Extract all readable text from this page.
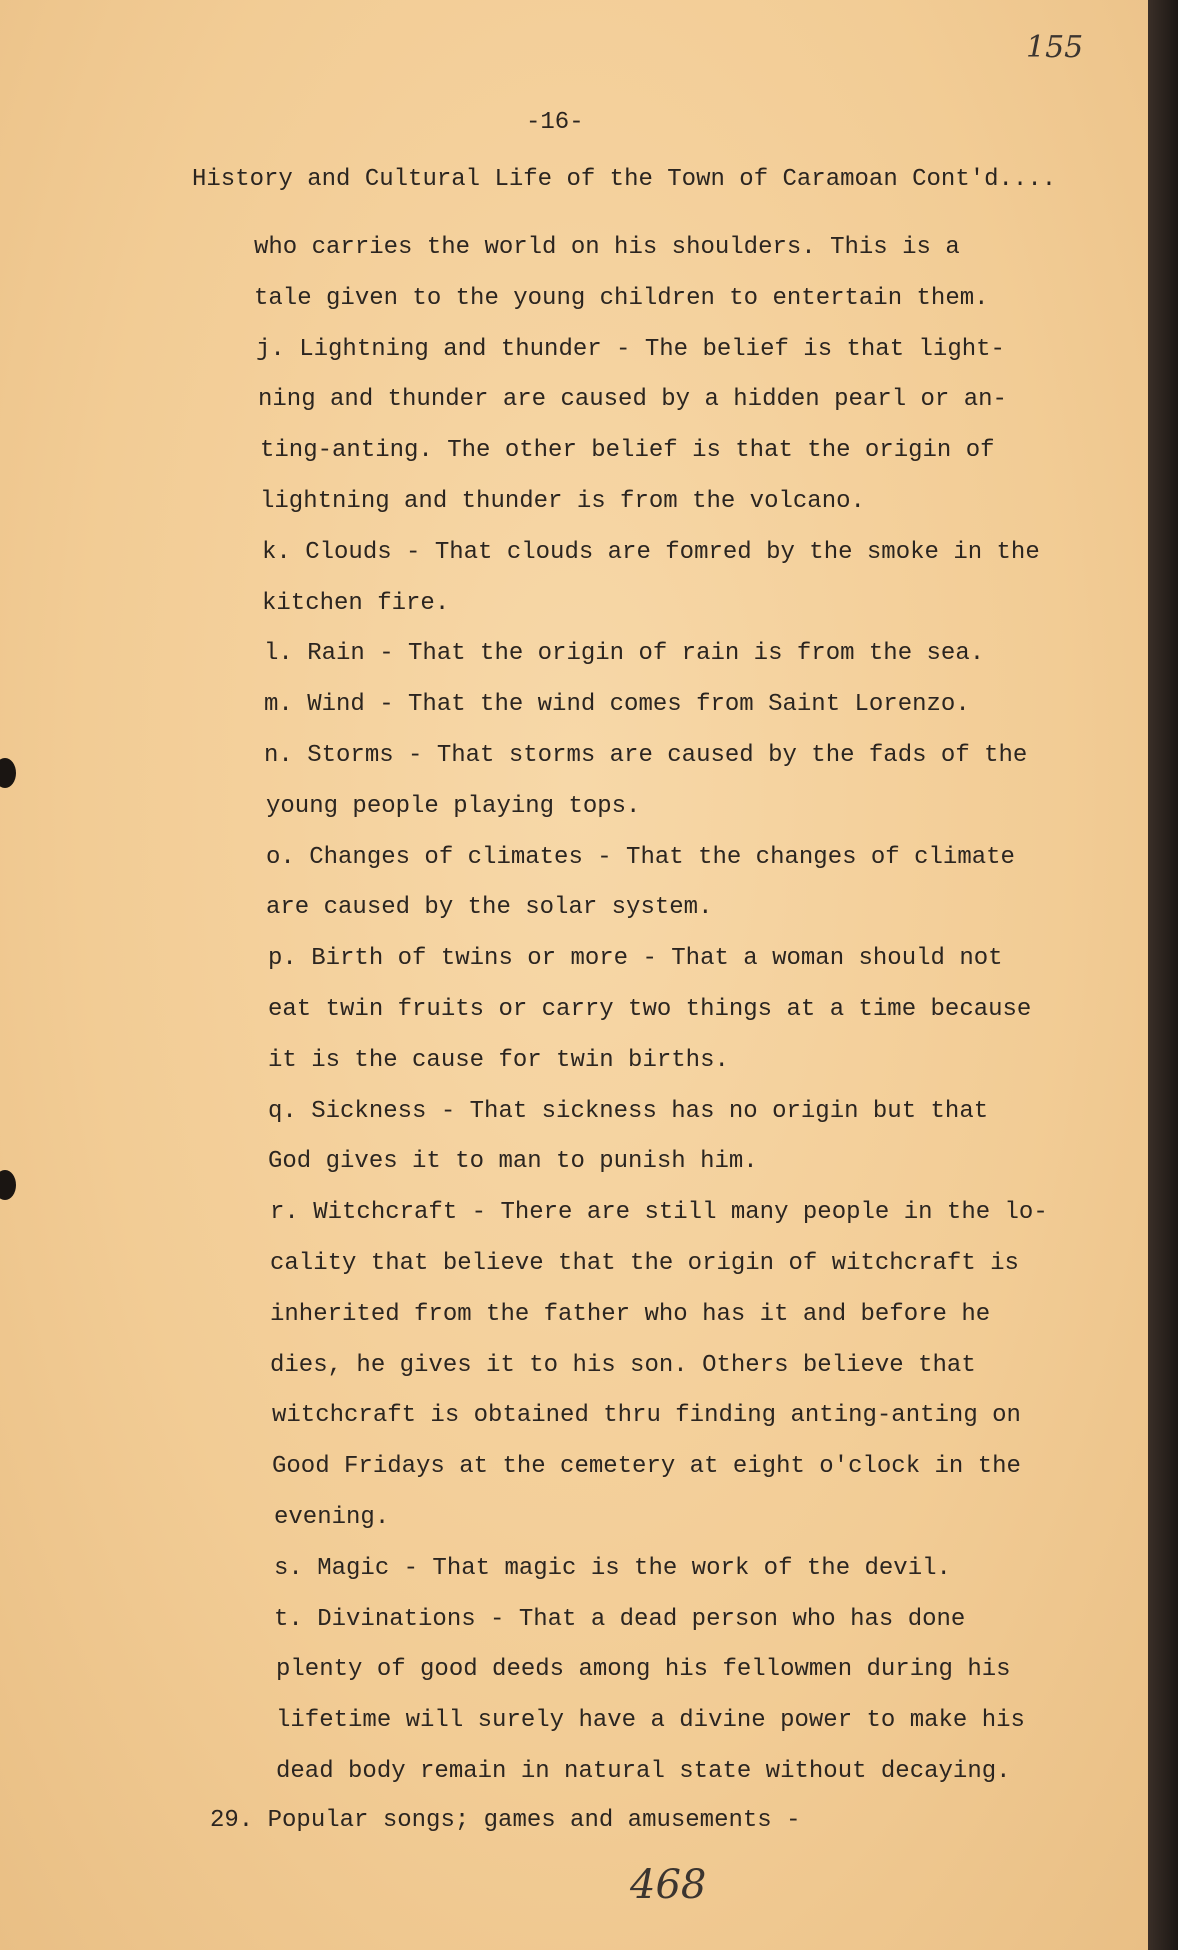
155
-16-
History and Cultural Life of the Town of Caramoan Cont'd....
who carries the world on his shoulders. This is a
tale given to the young children to entertain them.
j. Lightning and thunder - The belief is that light-
ning and thunder are caused by a hidden pearl or an-
ting-anting. The other belief is that the origin of
lightning and thunder is from the volcano.
k. Clouds - That clouds are fomred by the smoke in the
kitchen fire.
l. Rain - That the origin of rain is from the sea.
m. Wind - That the wind comes from Saint Lorenzo.
n. Storms - That storms are caused by the fads of the
young people playing tops.
o. Changes of climates - That the changes of climate
are caused by the solar system.
p. Birth of twins or more - That a woman should not
eat twin fruits or carry two things at a time because
it is the cause for twin births.
q. Sickness - That sickness has no origin but that
God gives it to man to punish him.
r. Witchcraft - There are still many people in the lo-
cality that believe that the origin of witchcraft is
inherited from the father who has it and before he
dies, he gives it to his son. Others believe that
witchcraft is obtained thru finding anting-anting on
Good Fridays at the cemetery at eight o'clock in the
evening.
s. Magic - That magic is the work of the devil.
t. Divinations - That a dead person who has done
plenty of good deeds among his fellowmen during his
lifetime will surely have a divine power to make his
dead body remain in natural state without decaying.
29. Popular songs; games and amusements -
468
